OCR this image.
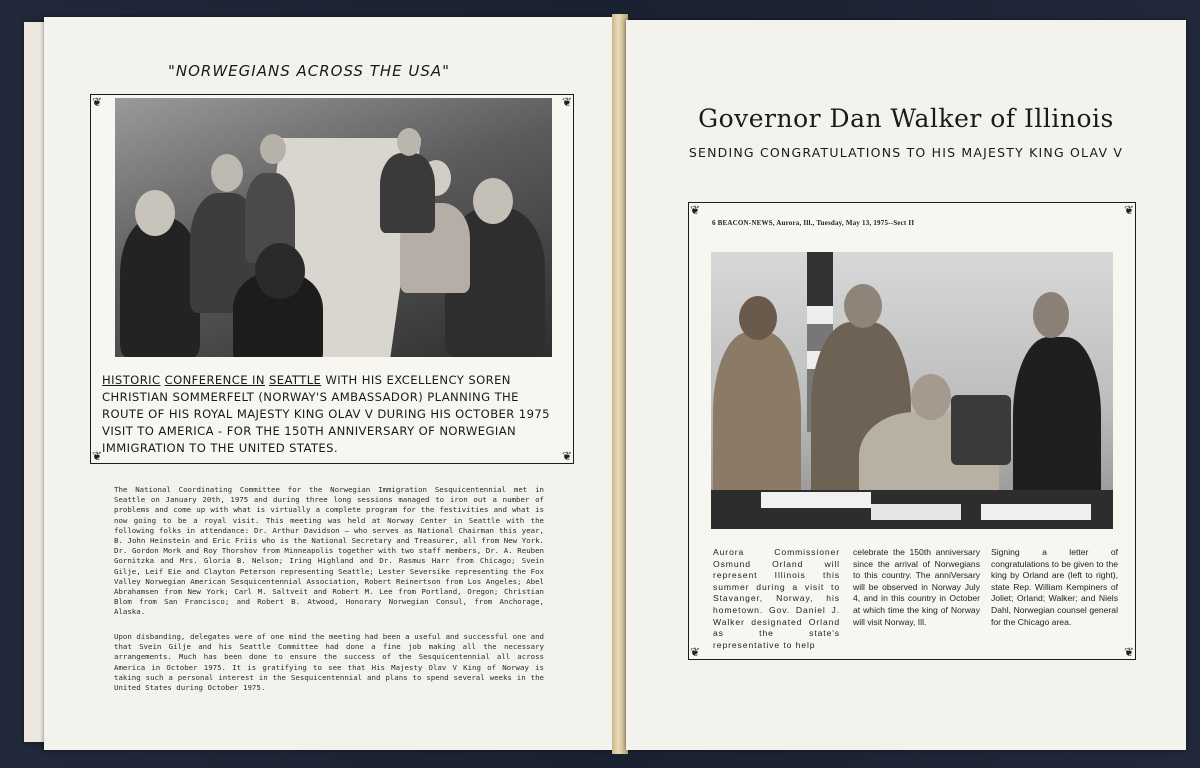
"NORWEGIANS ACROSS THE USA"
❦	❦
❦	❦
HISTORIC CONFERENCE IN SEATTLE WITH HIS EXCELLENCY SOREN CHRISTIAN SOMMERFELT (NORWAY'S AMBASSADOR) PLANNING THE ROUTE OF HIS ROYAL MAJESTY KING OLAV V DURING HIS OCTOBER 1975 VISIT TO AMERICA - FOR THE 150TH ANNIVERSARY OF NORWEGIAN IMMIGRATION TO THE UNITED STATES.
The National Coordinating Committee for the Norwegian Immigration Sesquicentennial met in Seattle on January 20th, 1975 and during three long sessions managed to iron out a number of problems and come up with what is virtually a complete program for the festivities and what is now going to be a royal visit. This meeting was held at Norway Center in Seattle with the following folks in attendance: Dr. Arthur Davidson — who serves as National Chairman this year, B. John Heinstein and Eric Friis who is the National Secretary and Treasurer, all from New York. Dr. Gordon Mork and Roy Thorshov from Minneapolis together with two staff members, Dr. A. Reuben Gornitzka and Mrs. Gloria B. Nelson; Iring Highland and Dr. Rasmus Harr from Chicago; Svein Gilje, Leif Eie and Clayton Peterson representing Seattle; Lester Seversike representing the Fox Valley Norwegian American Sesquicentennial Association, Robert Reinertson from Los Angeles; Abel Abrahamsen from New York; Carl M. Saltveit and Robert M. Lee from Portland, Oregon; Christian Blom from San Francisco; and Robert B. Atwood, Honorary Norwegian Consul, from Anchorage, Alaska.
Upon disbanding, delegates were of one mind the meeting had been a useful and successful one and that Svein Gilje and his Seattle Committee had done a fine job making all the necessary arrangements. Much has been done to ensure the success of the Sesquicentennial all across America in October 1975. It is gratifying to see that His Majesty Olav V King of Norway is taking such a personal interest in the Sesquicentennial and plans to spend several weeks in the United States during October 1975.
Governor Dan Walker of Illinois
SENDING CONGRATULATIONS TO HIS MAJESTY KING OLAV V
❦	❦
❦	❦
6 BEACON-NEWS, Aurora, Ill., Tuesday, May 13, 1975--Sect II
Aurora Commissioner Osmund Orland will represent Illinois this summer during a visit to Stavanger, Norway, his hometown. Gov. Daniel J. Walker designated Orland as the state's representative to help
celebrate the 150th anniversary since the arrival of Norwegians to this country. The anniVersary will be observed in Norway July 4, and in this country in October at which time the king of Norway will visit Norway, Ill.
Signing a letter of congratulations to be given to the king by Orland are (left to right), state Rep. William Kempiners of Joliet; Orland; Walker; and Niels Dahl, Norwegian counsel general for the Chicago area.
